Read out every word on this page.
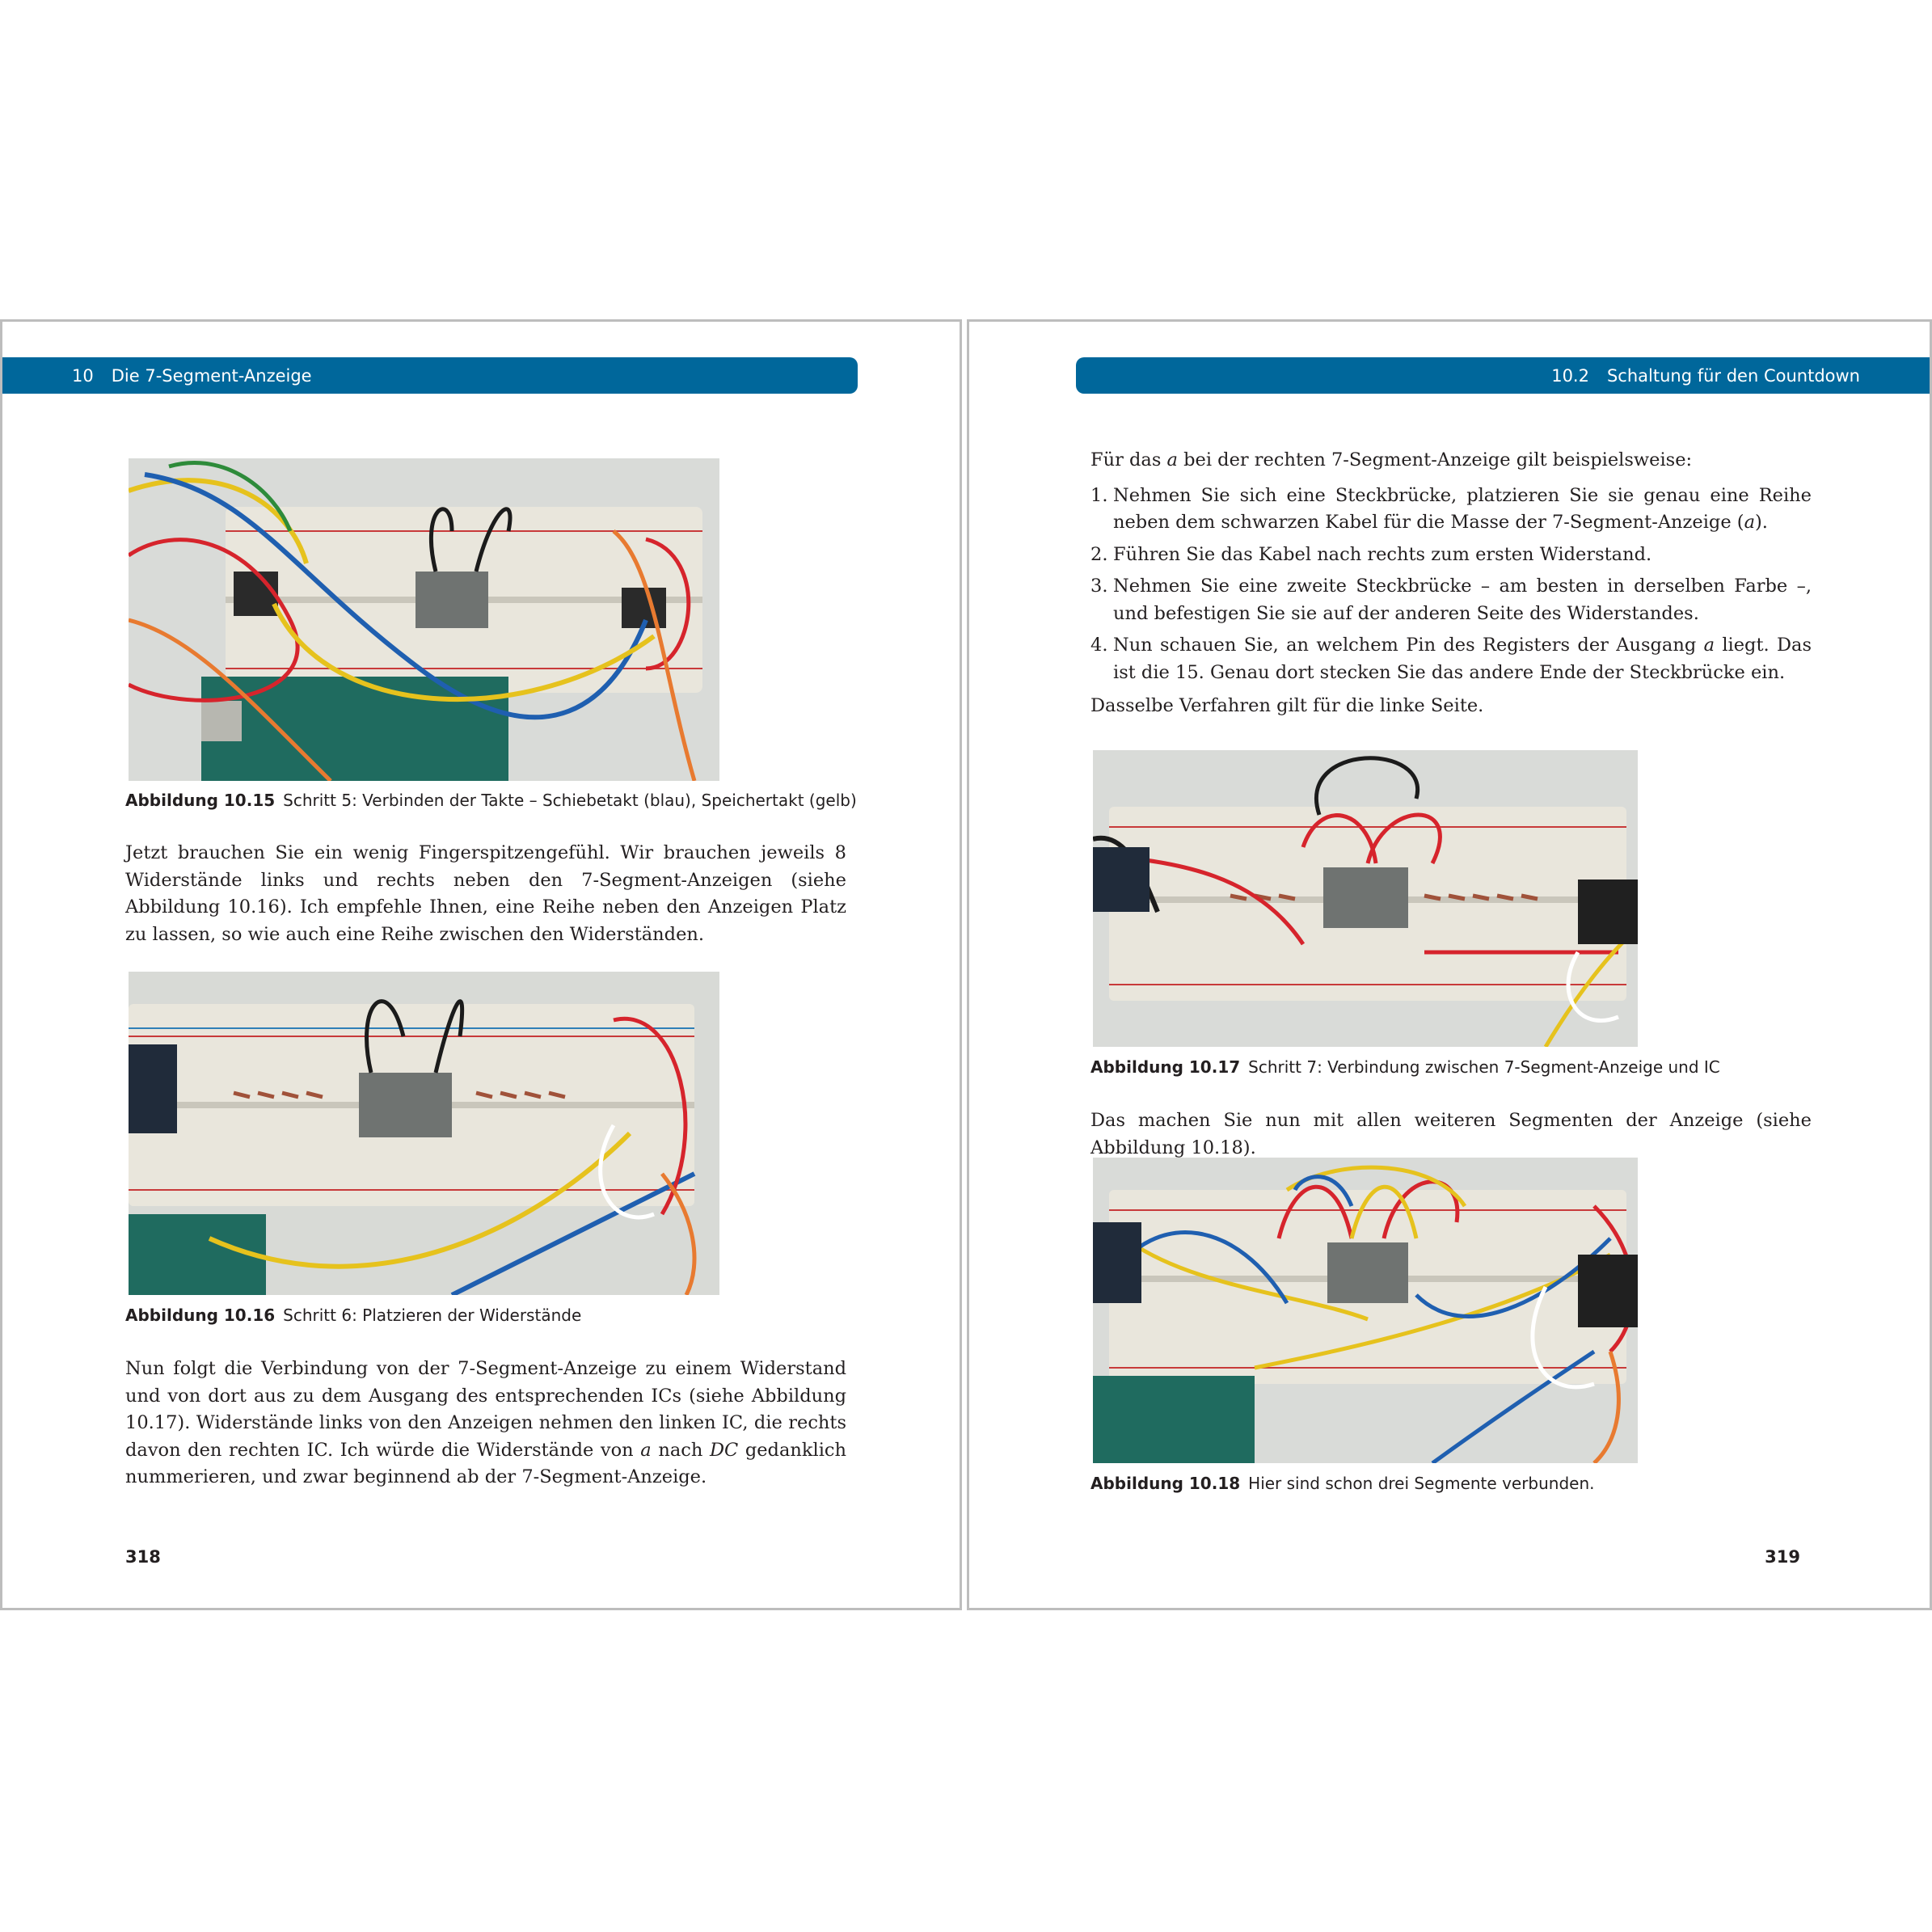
10 Die 7-Segment-Anzeige
Abbildung 10.15 Schritt 5: Verbinden der Takte – Schiebetakt (blau), Speichertakt (gelb)

Jetzt brauchen Sie ein wenig Fingerspitzengefühl. Wir brauchen jeweils 8 Widerstände links und rechts neben den 7-Segment-Anzeigen (siehe Abbildung 10.16). Ich empfehle Ihnen, eine Reihe neben den Anzeigen Platz zu lassen, so wie auch eine Reihe zwischen den Widerständen.

Abbildung 10.16 Schritt 6: Platzieren der Widerstände

Nun folgt die Verbindung von der 7-Segment-Anzeige zu einem Widerstand und von dort aus zu dem Ausgang des entsprechenden ICs (siehe Abbildung 10.17). Widerstände links von den Anzeigen nehmen den linken IC, die rechts davon den rechten IC. Ich würde die Widerstände von a nach DC gedanklich nummerieren, und zwar beginnend ab der 7-Segment-Anzeige.

318
10.2 Schaltung für den Countdown

Für das a bei der rechten 7-Segment-Anzeige gilt beispielsweise:

1. Nehmen Sie sich eine Steckbrücke, platzieren Sie sie genau eine Reihe neben dem schwarzen Kabel für die Masse der 7-Segment-Anzeige (a).
2. Führen Sie das Kabel nach rechts zum ersten Widerstand.
3. Nehmen Sie eine zweite Steckbrücke – am besten in derselben Farbe –, und befestigen Sie sie auf der anderen Seite des Widerstandes.
4. Nun schauen Sie, an welchem Pin des Registers der Ausgang a liegt. Das ist die 15. Genau dort stecken Sie das andere Ende der Steckbrücke ein.

Dasselbe Verfahren gilt für die linke Seite.

Abbildung 10.17 Schritt 7: Verbindung zwischen 7-Segment-Anzeige und IC

Das machen Sie nun mit allen weiteren Segmenten der Anzeige (siehe Abbildung 10.18).

Abbildung 10.18 Hier sind schon drei Segmente verbunden.
319
